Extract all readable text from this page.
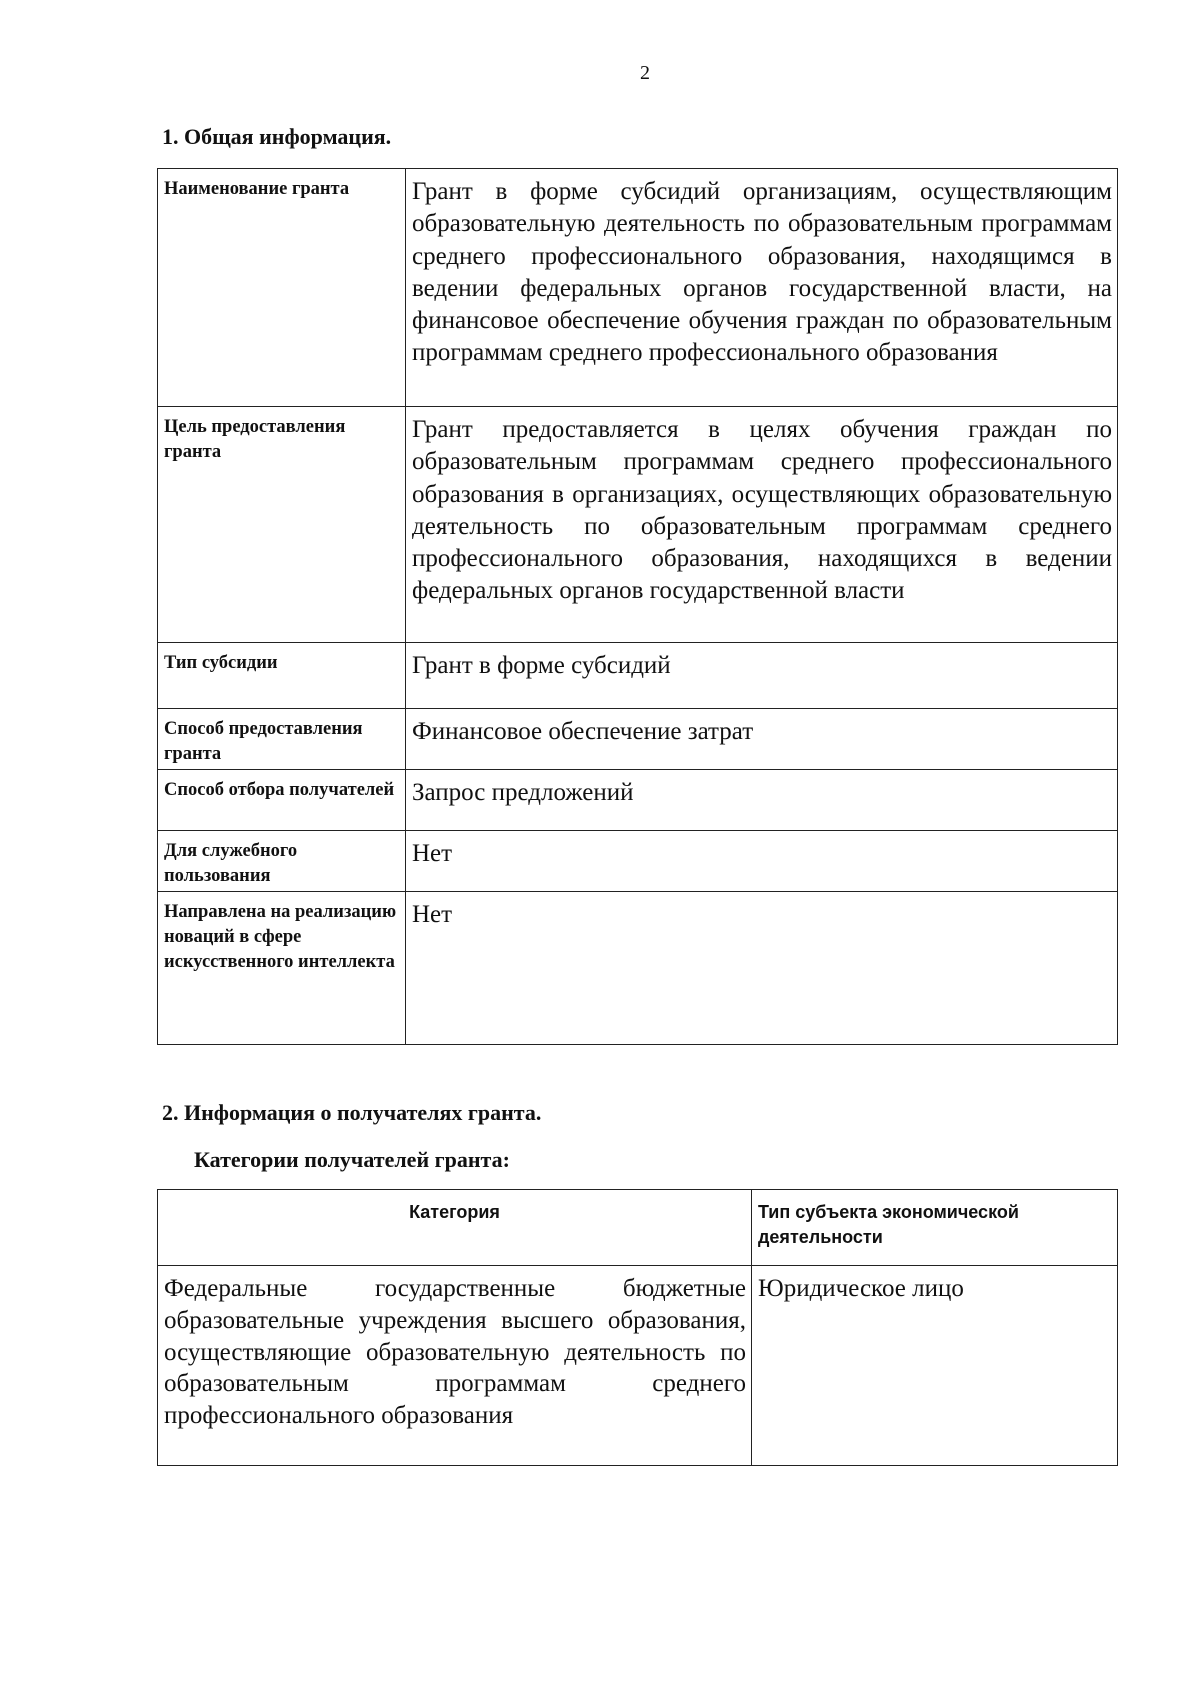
2
1. Общая информация.
Наименование гранта	Грант в форме субсидий организациям, осуществляющим образовательную деятельность по образовательным программам среднего профессионального образования, находящимся в ведении федеральных органов государственной власти, на финансовое обеспечение обучения граждан по образовательным программам среднего профессионального образования
Цель предоставления гранта	Грант предоставляется в целях обучения граждан по образовательным программам среднего профессионального образования в организациях, осуществляющих образовательную деятельность по образовательным программам среднего профессионального образования, находящихся в ведении федеральных органов государственной власти
Тип субсидии	Грант в форме субсидий
Способ предоставления гранта	Финансовое обеспечение затрат
Способ отбора получателей	Запрос предложений
Для служебного пользования	Нет
Направлена на реализацию новаций в сфере искусственного интеллекта	Нет
2. Информация о получателях гранта.
Категории получателей гранта:
Категория	Тип субъекта экономической деятельности
Федеральные государственные бюджетные образовательные учреждения высшего образования, осуществляющие образовательную деятельность по образовательным программам среднего профессионального образования	Юридическое лицо
